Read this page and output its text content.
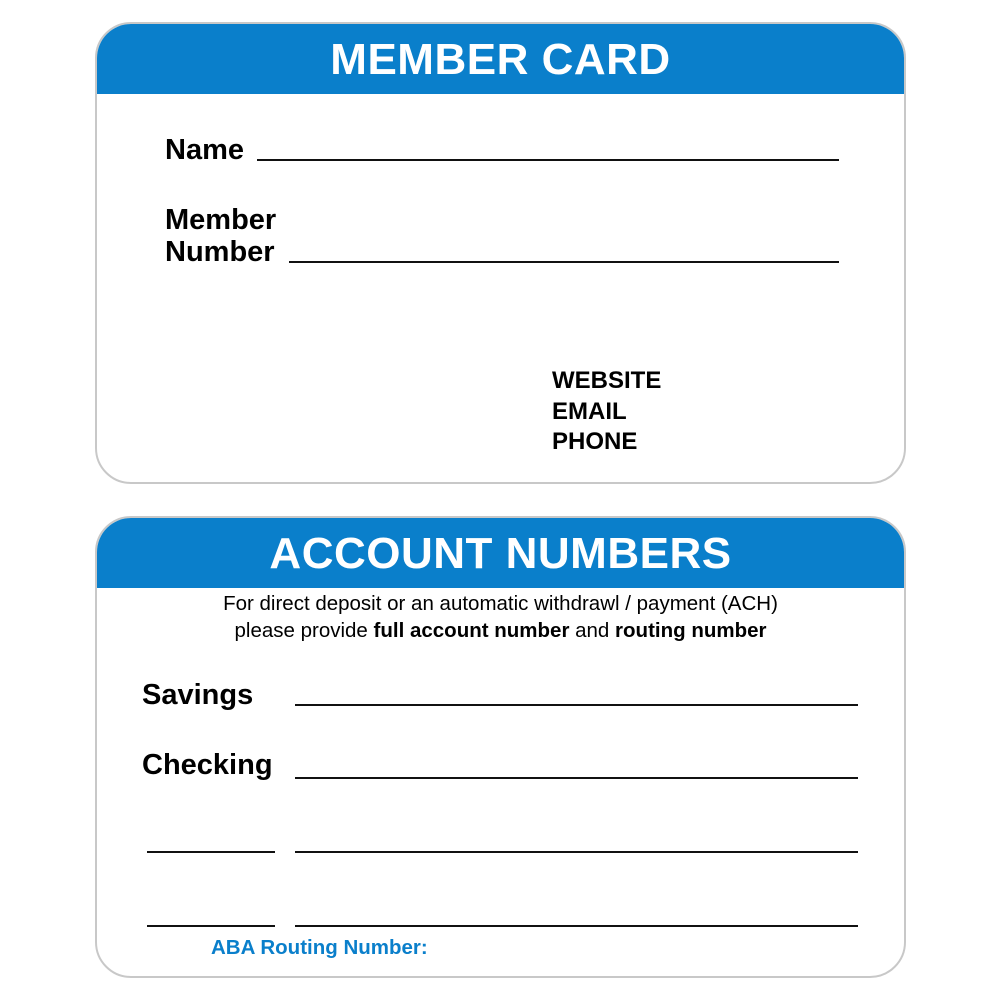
MEMBER CARD
Name
Member
Number
WEBSITE
EMAIL
PHONE
ACCOUNT NUMBERS
For direct deposit or an automatic withdrawl / payment (ACH)
please provide full account number and routing number
Savings
Checking
ABA Routing Number:
